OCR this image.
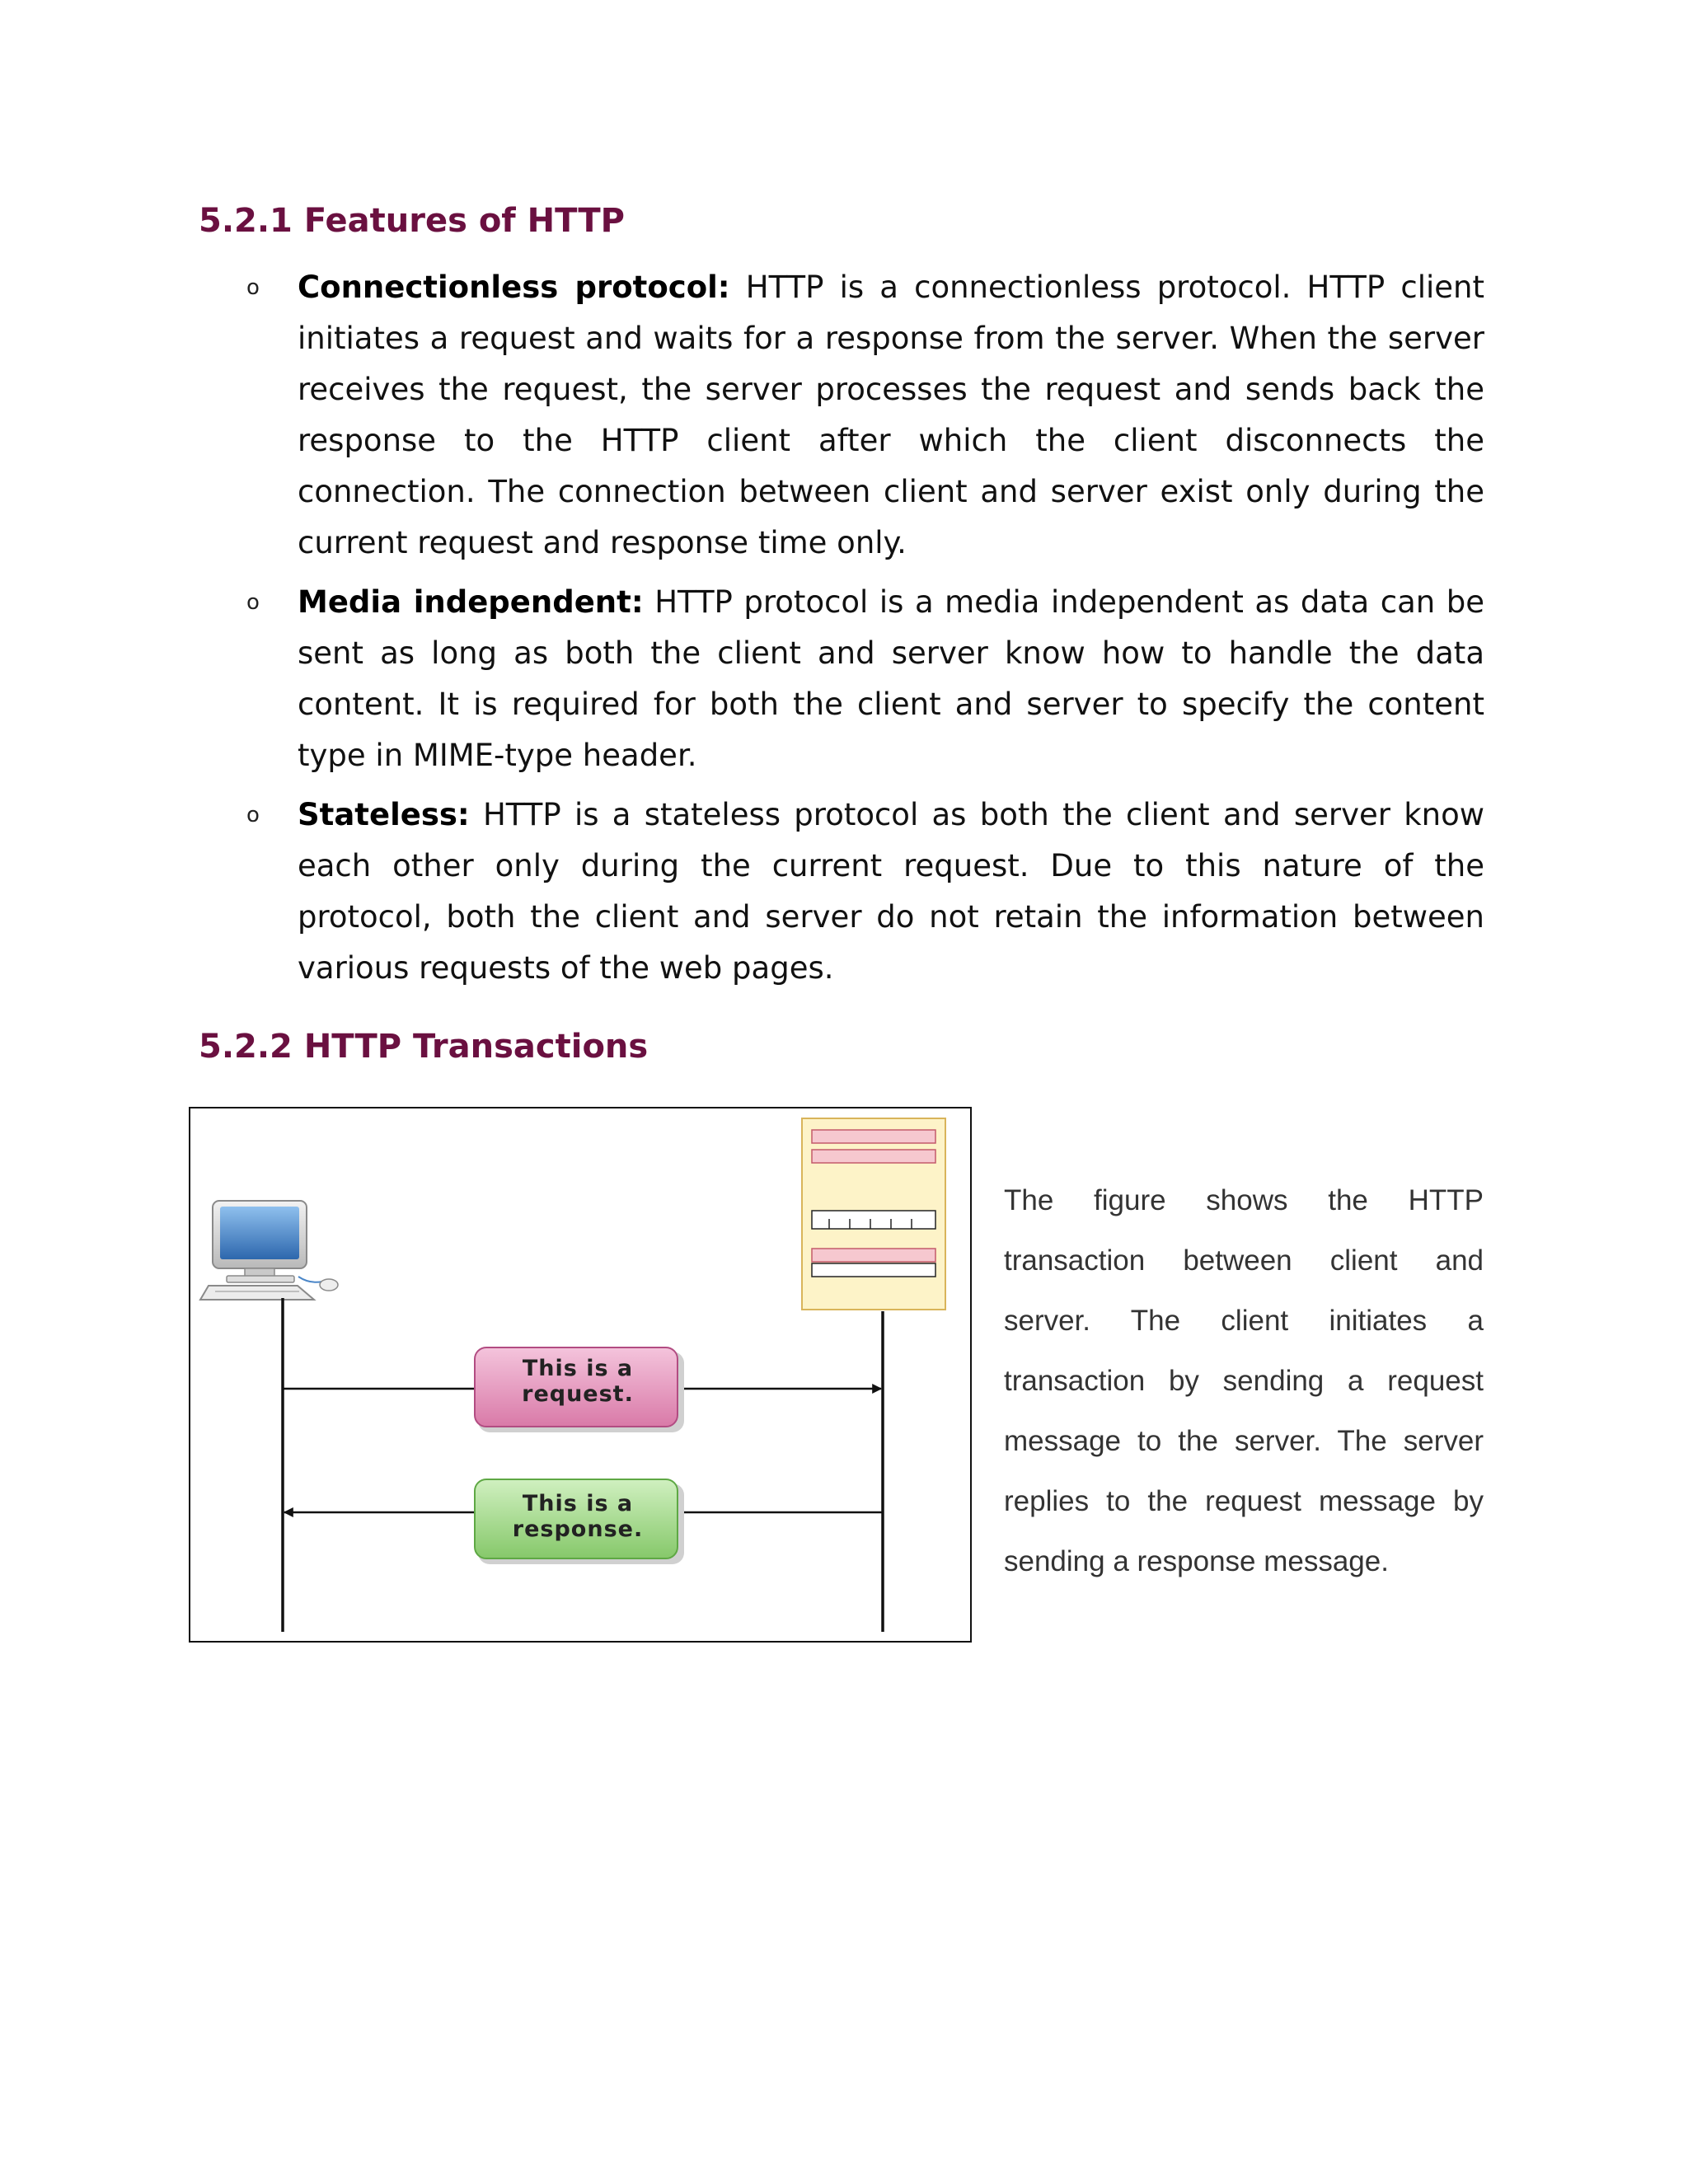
5.2.1 Features of HTTP
o Connectionless protocol: HTTP is a connectionless protocol. HTTP client initiates a request and waits for a response from the server. When the server receives the request, the server processes the request and sends back the response to the HTTP client after which the client disconnects the connection. The connection between client and server exist only during the current request and response time only.

o Media independent: HTTP protocol is a media independent as data can be sent as long as both the client and server know how to handle the data content. It is required for both the client and server to specify the content type in MIME-type header.

o Stateless: HTTP is a stateless protocol as both the client and server know each other only during the current request. Due to this nature of the protocol, both the client and server do not retain the information between various requests of the web pages.

5.2.2 HTTP Transactions
This is a
request.
This is a
response.

The figure shows the HTTP transaction between client and server. The client initiates a transaction by sending a request message to the server. The server replies to the request message by sending a response message.
